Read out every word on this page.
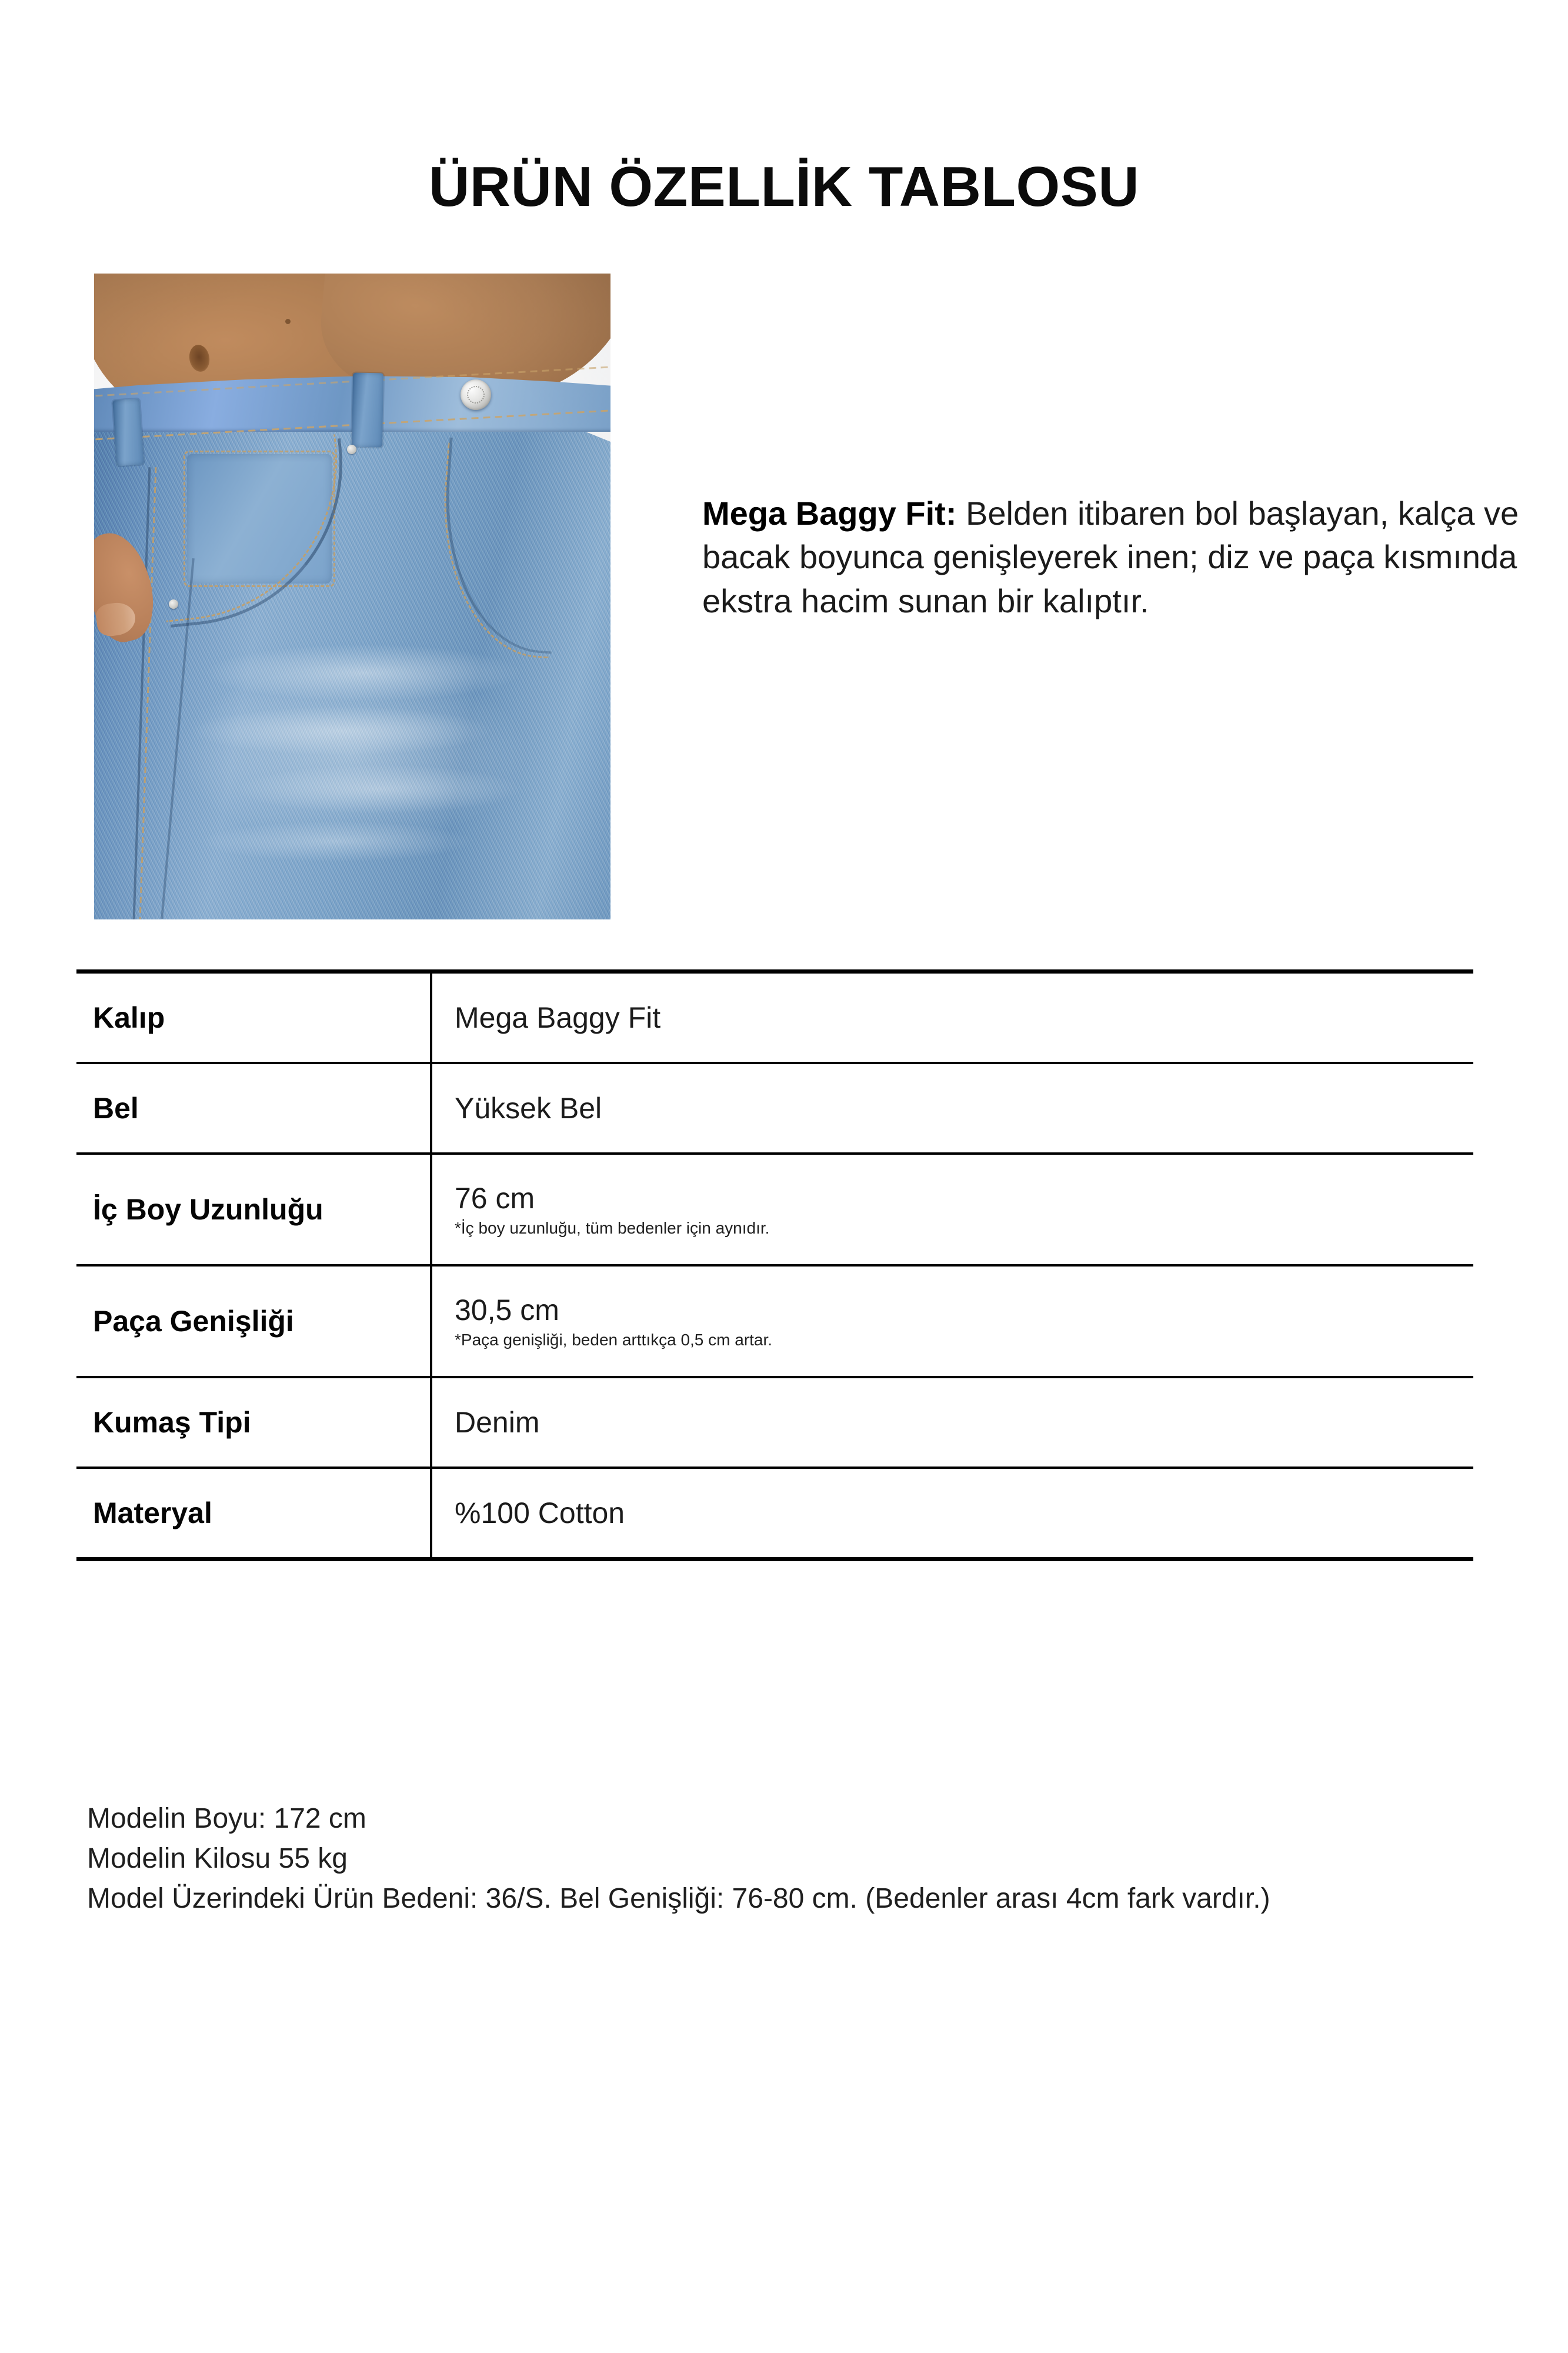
ÜRÜN ÖZELLİK TABLOSU
Mega Baggy Fit: Belden itibaren bol başlayan, kalça ve bacak boyunca genişleyerek inen; diz ve paça kısmında ekstra hacim sunan bir kalıptır.
Kalıp	Mega Baggy Fit
Bel	Yüksek Bel
İç Boy Uzunluğu	76 cm
*İç boy uzunluğu, tüm bedenler için aynıdır.
Paça Genişliği	30,5 cm
*Paça genişliği, beden arttıkça 0,5 cm artar.
Kumaş Tipi	Denim
Materyal	%100 Cotton

Modelin Boyu: 172 cm

Modelin Kilosu 55 kg

Model Üzerindeki Ürün Bedeni: 36/S. Bel Genişliği: 76-80 cm. (Bedenler arası 4cm fark vardır.)
